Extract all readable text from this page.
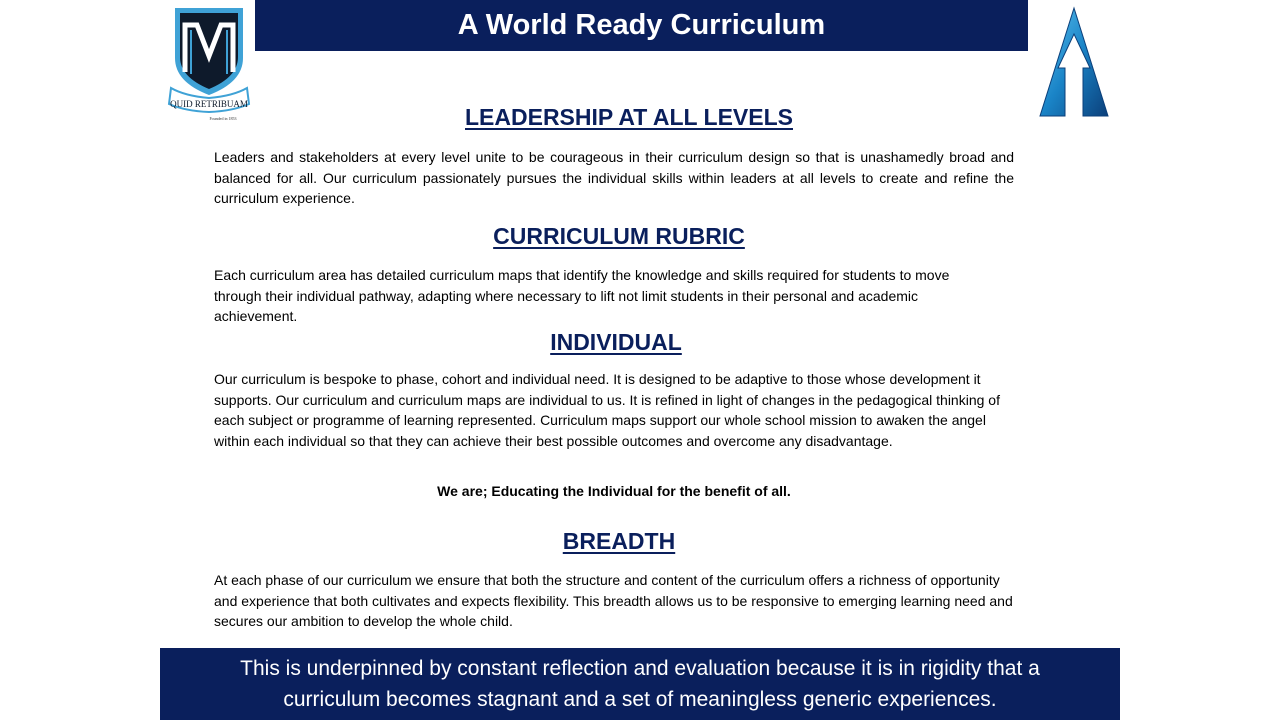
QUID RETRIBUAM
Founded in 1853
A World Ready Curriculum
LEADERSHIP AT ALL LEVELS

Leaders and stakeholders at every level unite to be courageous in their curriculum design so that is unashamedly broad and balanced for all. Our curriculum passionately pursues the individual skills within leaders at all levels to create and refine the curriculum experience.

CURRICULUM RUBRIC

Each curriculum area has detailed curriculum maps that identify the knowledge and skills required for students to move through their individual pathway, adapting where necessary to lift not limit students in their personal and academic achievement.

INDIVIDUAL

Our curriculum is bespoke to phase, cohort and individual need. It is designed to be adaptive to those whose development it supports. Our curriculum and curriculum maps are individual to us. It is refined in light of changes in the pedagogical thinking of each subject or programme of learning represented. Curriculum maps support our whole school mission to awaken the angel within each individual so that they can achieve their best possible outcomes and overcome any disadvantage.

We are; Educating the Individual for the benefit of all.

BREADTH

At each phase of our curriculum we ensure that both the structure and content of the curriculum offers a richness of opportunity and experience that both cultivates and expects flexibility. This breadth allows us to be responsive to emerging learning need and secures our ambition to develop the whole child.

This is underpinned by constant reflection and evaluation because it is in rigidity that a curriculum becomes stagnant and a set of meaningless generic experiences.
